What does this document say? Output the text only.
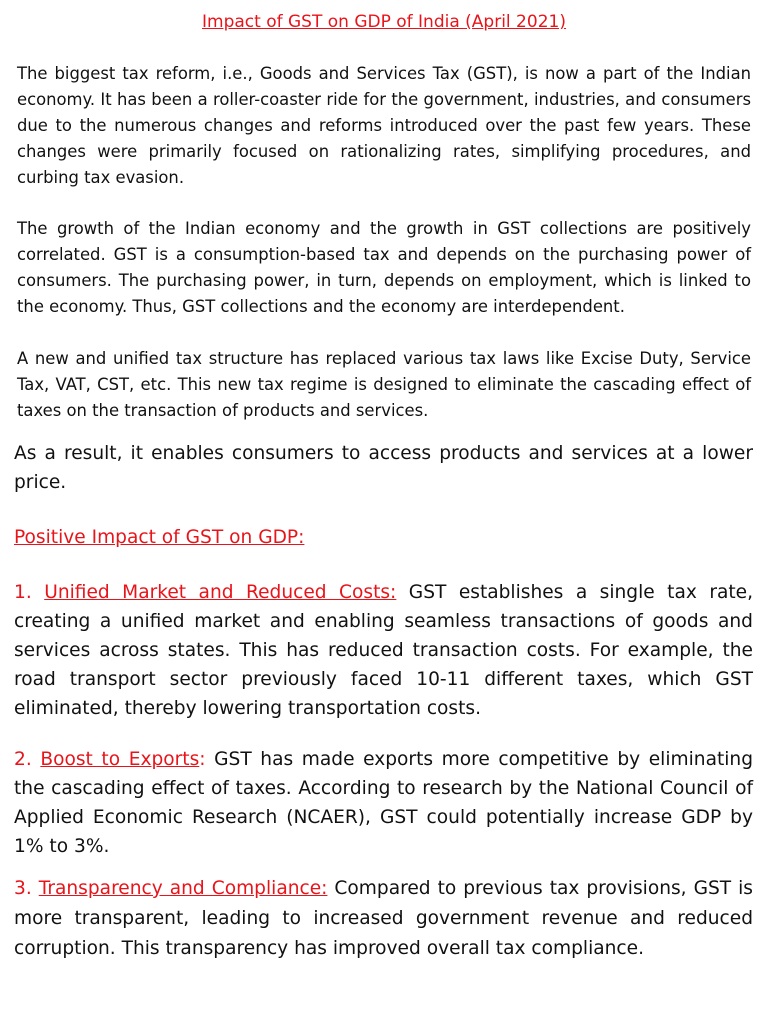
Impact of GST on GDP of India (April 2021)

The biggest tax reform, i.e., Goods and Services Tax (GST), is now a part of the Indian economy. It has been a roller-coaster ride for the government, industries, and consumers due to the numerous changes and reforms introduced over the past few years. These changes were primarily focused on rationalizing rates, simplifying procedures, and curbing tax evasion.

The growth of the Indian economy and the growth in GST collections are positively correlated. GST is a consumption-based tax and depends on the purchasing power of consumers. The purchasing power, in turn, depends on employment, which is linked to the economy. Thus, GST collections and the economy are interdependent.

A new and unified tax structure has replaced various tax laws like Excise Duty, Service Tax, VAT, CST, etc. This new tax regime is designed to eliminate the cascading effect of taxes on the transaction of products and services.

As a result, it enables consumers to access products and services at a lower price.

Positive Impact of GST on GDP:

1. Unified Market and Reduced Costs: GST establishes a single tax rate, creating a unified market and enabling seamless transactions of goods and services across states. This has reduced transaction costs. For example, the road transport sector previously faced 10-11 different taxes, which GST eliminated, thereby lowering transportation costs.

2. Boost to Exports: GST has made exports more competitive by eliminating the cascading effect of taxes. According to research by the National Council of Applied Economic Research (NCAER), GST could potentially increase GDP by 1% to 3%.

3. Transparency and Compliance: Compared to previous tax provisions, GST is more transparent, leading to increased government revenue and reduced corruption. This transparency has improved overall tax compliance.
